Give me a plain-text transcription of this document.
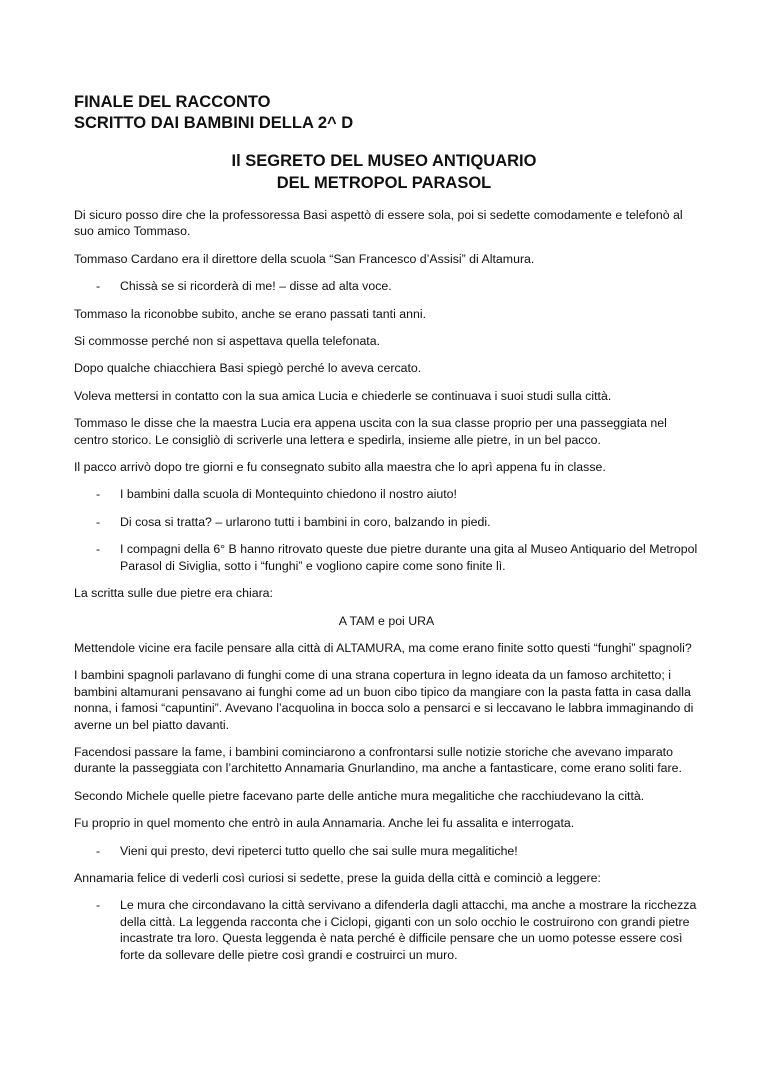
FINALE DEL RACCONTO
SCRITTO DAI BAMBINI DELLA 2^ D
Il SEGRETO DEL MUSEO ANTIQUARIO
DEL METROPOL PARASOL

Di sicuro posso dire che la professoressa Basi aspettò di essere sola, poi si sedette comodamente e telefonò al suo amico Tommaso.

Tommaso Cardano era il direttore della scuola “San Francesco d’Assisi” di Altamura.

- Chissà se si ricorderà di me! – disse ad alta voce.

Tommaso la riconobbe subito, anche se erano passati tanti anni.

Si commosse perché non si aspettava quella telefonata.

Dopo qualche chiacchiera Basi spiegò perché lo aveva cercato.

Voleva mettersi in contatto con la sua amica Lucia e chiederle se continuava i suoi studi sulla città.

Tommaso le disse che la maestra Lucia era appena uscita con la sua classe proprio per una passeggiata nel centro storico. Le consigliò di scriverle una lettera e spedirla, insieme alle pietre, in un bel pacco.

Il pacco arrivò dopo tre giorni e fu consegnato subito alla maestra che lo aprì appena fu in classe.

- I bambini dalla scuola di Montequinto chiedono il nostro aiuto!
- Di cosa si tratta? – urlarono tutti i bambini in coro, balzando in piedi.
- I compagni della 6° B hanno ritrovato queste due pietre durante una gita al Museo Antiquario del Metropol Parasol di Siviglia, sotto i “funghi” e vogliono capire come sono finite lì.

La scritta sulle due pietre era chiara:

A TAM e poi URA

Mettendole vicine era facile pensare alla città di ALTAMURA, ma come erano finite sotto questi “funghi” spagnoli?

I bambini spagnoli parlavano di funghi come di una strana copertura in legno ideata da un famoso architetto; i bambini altamurani pensavano ai funghi come ad un buon cibo tipico da mangiare con la pasta fatta in casa dalla nonna, i famosi “capuntini”. Avevano l’acquolina in bocca solo a pensarci e si leccavano le labbra immaginando di averne un bel piatto davanti.

Facendosi passare la fame, i bambini cominciarono a confrontarsi sulle notizie storiche che avevano imparato durante la passeggiata con l’architetto Annamaria Gnurlandino, ma anche a fantasticare, come erano soliti fare.

Secondo Michele quelle pietre facevano parte delle antiche mura megalitiche che racchiudevano la città.

Fu proprio in quel momento che entrò in aula Annamaria. Anche lei fu assalita e interrogata.

- Vieni qui presto, devi ripeterci tutto quello che sai sulle mura megalitiche!

Annamaria felice di vederli così curiosi si sedette, prese la guida della città e cominciò a leggere:

- Le mura che circondavano la città servivano a difenderla dagli attacchi, ma anche a mostrare la ricchezza della città. La leggenda racconta che i Ciclopi, giganti con un solo occhio le costruirono con grandi pietre incastrate tra loro. Questa leggenda è nata perché è difficile pensare che un uomo potesse essere così forte da sollevare delle pietre così grandi e costruirci un muro.
